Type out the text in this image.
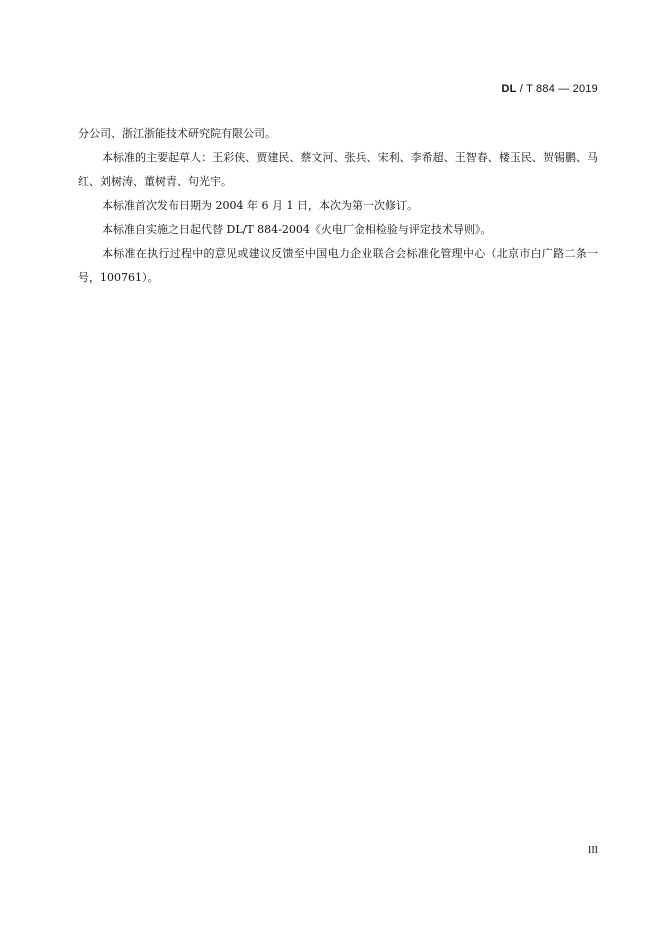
DL / T 884 — 2019

分公司、浙江浙能技术研究院有限公司。

本标准的主要起草人：王彩侠、贾建民、蔡文河、张兵、宋利、李希超、王智春、楼玉民、贺锡鹏、马红、刘树涛、董树青、句光宇。

本标准首次发布日期为 2004 年 6 月 1 日，本次为第一次修订。

本标准自实施之日起代替 DL/T 884-2004《火电厂金相检验与评定技术导则》。

本标准在执行过程中的意见或建议反馈至中国电力企业联合会标准化管理中心（北京市白广路二条一号，100761）。

III
